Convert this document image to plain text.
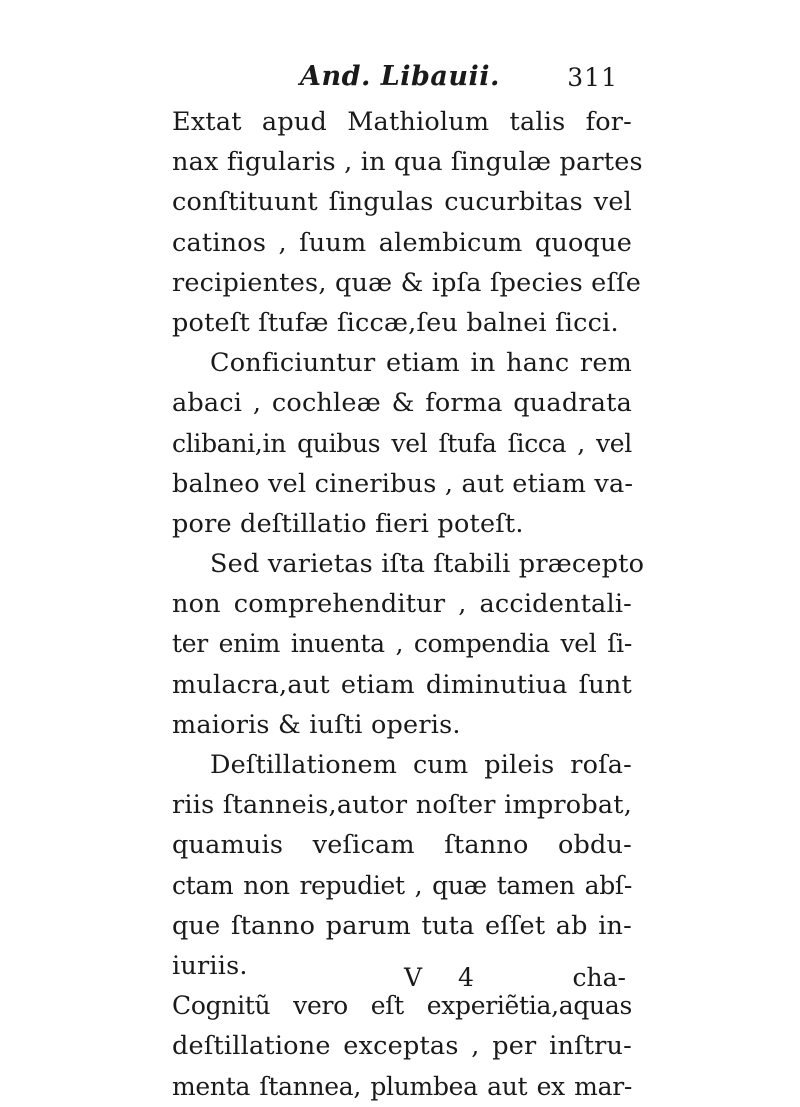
And. Libauii.	311
Extat apud Mathiolum talis for-
nax figularis , in qua ſingulæ partes
conſtituunt ſingulas cucurbitas vel
catinos , ſuum alembicum quoque
recipientes, quæ & ipſa ſpecies eſſe
poteſt ſtufæ ſiccæ,ſeu balnei ſicci.
Conficiuntur etiam in hanc rem
abaci , cochleæ & forma quadrata
clibani,in quibus vel ſtufa ſicca , vel
balneo vel cineribus , aut etiam va-
pore deſtillatio fieri poteſt.
Sed varietas iſta ſtabili præcepto
non comprehenditur , accidentali-
ter enim inuenta , compendia vel ſi-
mulacra,aut etiam diminutiua ſunt
maioris & iuſti operis.
Deſtillationem cum pileis roſa-
riis ſtanneis,autor noſter improbat,
quamuis veſicam ſtanno obdu-
ctam non repudiet , quæ tamen abſ-
que ſtanno parum tuta eſſet ab in-
iuriis.
Cognitũ vero eſt experiẽtia,aquas
deſtillatione exceptas , per inſtru-
menta ſtannea, plumbea aut ex mar-
V 4	cha-
